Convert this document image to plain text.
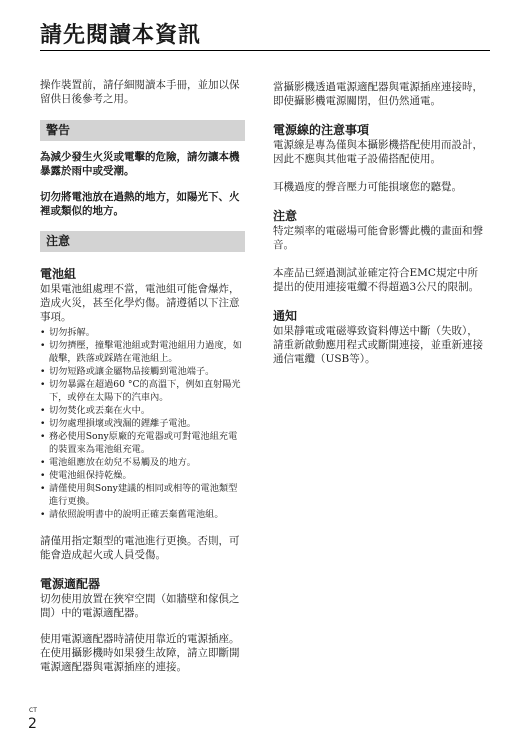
請先閱讀本資訊

操作裝置前，請仔細閱讀本手冊，並加以保留供日後參考之用。

警告

為減少發生火災或電擊的危險，請勿讓本機暴露於雨中或受潮。

切勿將電池放在過熱的地方，如陽光下、火裡或類似的地方。

注意

電池組

如果電池組處理不當，電池組可能會爆炸，造成火災，甚至化學灼傷。請遵循以下注意事項。

• 切勿拆解。
• 切勿擠壓，撞擊電池組或對電池組用力過度，如敲擊，跌落或踩踏在電池組上。
• 切勿短路或讓金屬物品接觸到電池端子。
• 切勿暴露在超過60 °C的高溫下，例如直射陽光下，或停在太陽下的汽車內。
• 切勿焚化或丟棄在火中。
• 切勿處理損壞或洩漏的鋰離子電池。
• 務必使用Sony原廠的充電器或可對電池組充電的裝置來為電池組充電。
• 電池組應放在幼兒不易觸及的地方。
• 使電池組保持乾燥。
• 請僅使用與Sony建議的相同或相等的電池類型進行更換。
• 請依照說明書中的說明正確丟棄舊電池組。

請僅用指定類型的電池進行更換。否則，可能會造成起火或人員受傷。

電源適配器

切勿使用放置在狹窄空間（如牆壁和傢俱之間）中的電源適配器。

使用電源適配器時請使用靠近的電源插座。在使用攝影機時如果發生故障，請立即斷開電源適配器與電源插座的連接。

當攝影機透過電源適配器與電源插座連接時，即使攝影機電源關閉，但仍然通電。

電源線的注意事項

電源線是專為僅與本攝影機搭配使用而設計，因此不應與其他電子設備搭配使用。

耳機過度的聲音壓力可能損壞您的聽覺。

注意

特定頻率的電磁場可能會影響此機的畫面和聲音。

本產品已經過測試並確定符合EMC規定中所提出的使用連接電纜不得超過3公尺的限制。

通知

如果靜電或電磁導致資料傳送中斷（失敗），請重新啟動應用程式或斷開連接，並重新連接通信電纜（USB等）。

CT
2
